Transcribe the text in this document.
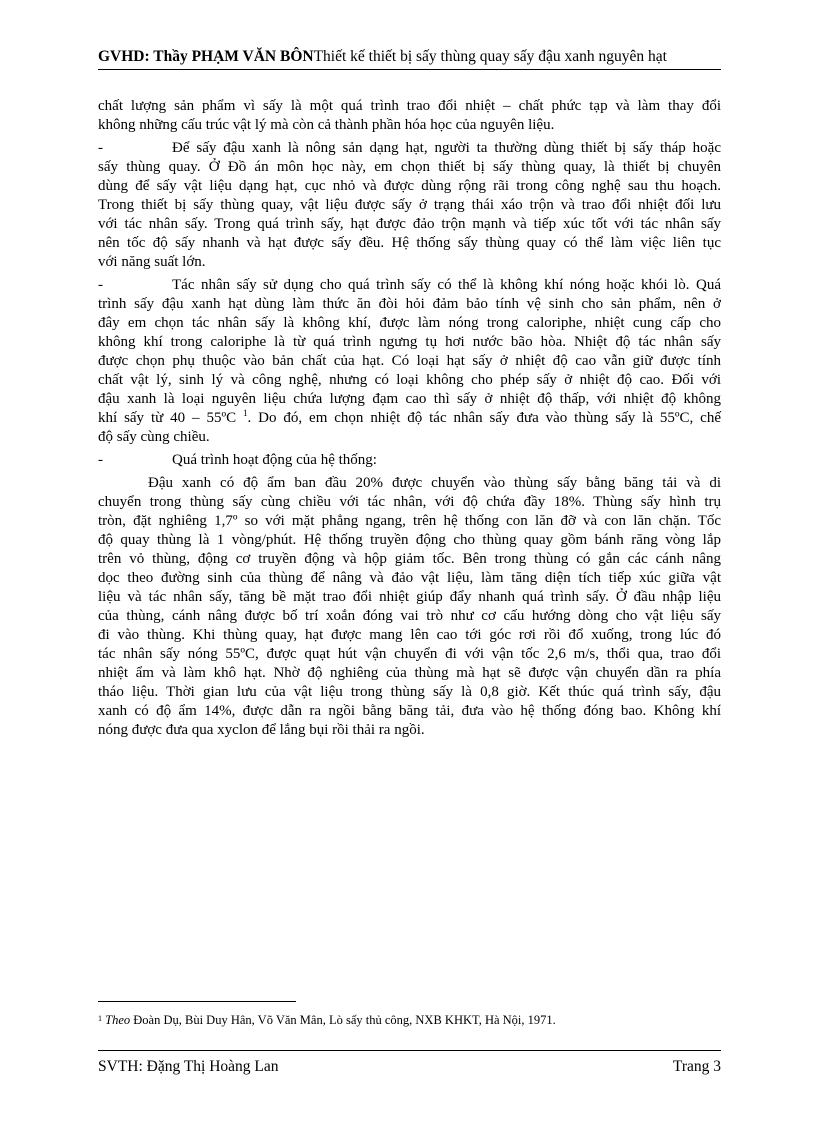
GVHD: Thầy PHẠM VĂN BÔNThiết kế thiết bị sấy thùng quay sấy đậu xanh nguyên hạt
chất lượng sản phẩm vì sấy là một quá trình trao đổi nhiệt – chất phức tạp và làm thay đổi
không những cấu trúc vật lý mà còn cả thành phần hóa học của nguyên liệu.
-	Để sấy đậu xanh là nông sản dạng hạt, người ta thường dùng thiết bị sấy tháp hoặc
sấy thùng quay. Ở Đồ án môn học này, em chọn thiết bị sấy thùng quay, là thiết bị chuyên
dùng để sấy vật liệu dạng hạt, cục nhỏ và được dùng rộng rãi trong công nghệ sau thu hoạch.
Trong thiết bị sấy thùng quay, vật liệu được sấy ở trạng thái xáo trộn và trao đổi nhiệt đối lưu
với tác nhân sấy. Trong quá trình sấy, hạt được đảo trộn mạnh và tiếp xúc tốt với tác nhân sấy
nên tốc độ sấy nhanh và hạt được sấy đều. Hệ thống sấy thùng quay có thể làm việc liên tục
với năng suất lớn.
-	Tác nhân sấy sử dụng cho quá trình sấy có thể là không khí nóng hoặc khói lò. Quá
trình sấy đậu xanh hạt dùng làm thức ăn đòi hỏi đảm bảo tính vệ sinh cho sản phẩm, nên ở
đây em chọn tác nhân sấy là không khí, được làm nóng trong caloriphe, nhiệt cung cấp cho
không khí trong caloriphe là từ quá trình ngưng tụ hơi nước bão hòa. Nhiệt độ tác nhân sấy
được chọn phụ thuộc vào bản chất của hạt. Có loại hạt sấy ở nhiệt độ cao vẫn giữ được tính
chất vật lý, sinh lý và công nghệ, nhưng có loại không cho phép sấy ở nhiệt độ cao. Đối với
đậu xanh là loại nguyên liệu chứa lượng đạm cao thì sấy ở nhiệt độ thấp, với nhiệt độ không
khí sấy từ 40 – 55ºC $^1$. Do đó, em chọn nhiệt độ tác nhân sấy đưa vào thùng sấy là 55ºC, chế
độ sấy cùng chiều.
-	Quá trình hoạt động của hệ thống:
Đậu xanh có độ ẩm ban đầu 20% được chuyển vào thùng sấy bằng băng tải và di
chuyển trong thùng sấy cùng chiều với tác nhân, với độ chứa đầy 18%. Thùng sấy hình trụ
tròn, đặt nghiêng 1,7º so với mặt phẳng ngang, trên hệ thống con lăn đỡ và con lăn chặn. Tốc
độ quay thùng là 1 vòng/phút. Hệ thống truyền động cho thùng quay gồm bánh răng vòng lắp
trên vỏ thùng, động cơ truyền động và hộp giảm tốc. Bên trong thùng có gắn các cánh nâng
dọc theo đường sinh của thùng để nâng và đảo vật liệu, làm tăng diện tích tiếp xúc giữa vật
liệu và tác nhân sấy, tăng bề mặt trao đổi nhiệt giúp đẩy nhanh quá trình sấy. Ở đầu nhập liệu
của thùng, cánh nâng được bố trí xoắn đóng vai trò như cơ cấu hướng dòng cho vật liệu sấy
đi vào thùng. Khi thùng quay, hạt được mang lên cao tới góc rơi rồi đổ xuống, trong lúc đó
tác nhân sấy nóng 55ºC, được quạt hút vận chuyển đi với vận tốc 2,6 m/s, thổi qua, trao đổi
nhiệt ẩm và làm khô hạt. Nhờ độ nghiêng của thùng mà hạt sẽ được vận chuyển dần ra phía
tháo liệu. Thời gian lưu của vật liệu trong thùng sấy là 0,8 giờ. Kết thúc quá trình sấy, đậu
xanh có độ ẩm 14%, được dẫn ra ngồi bằng băng tải, đưa vào hệ thống đóng bao. Không khí
nóng được đưa qua xyclon để lắng bụi rồi thải ra ngồi.
$^1$ Theo Đoàn Dụ, Bùi Duy Hân, Võ Văn Mân, Lò sấy thủ công, NXB KHKT, Hà Nội, 1971.
SVTH: Đặng Thị Hoàng Lan	Trang 3
